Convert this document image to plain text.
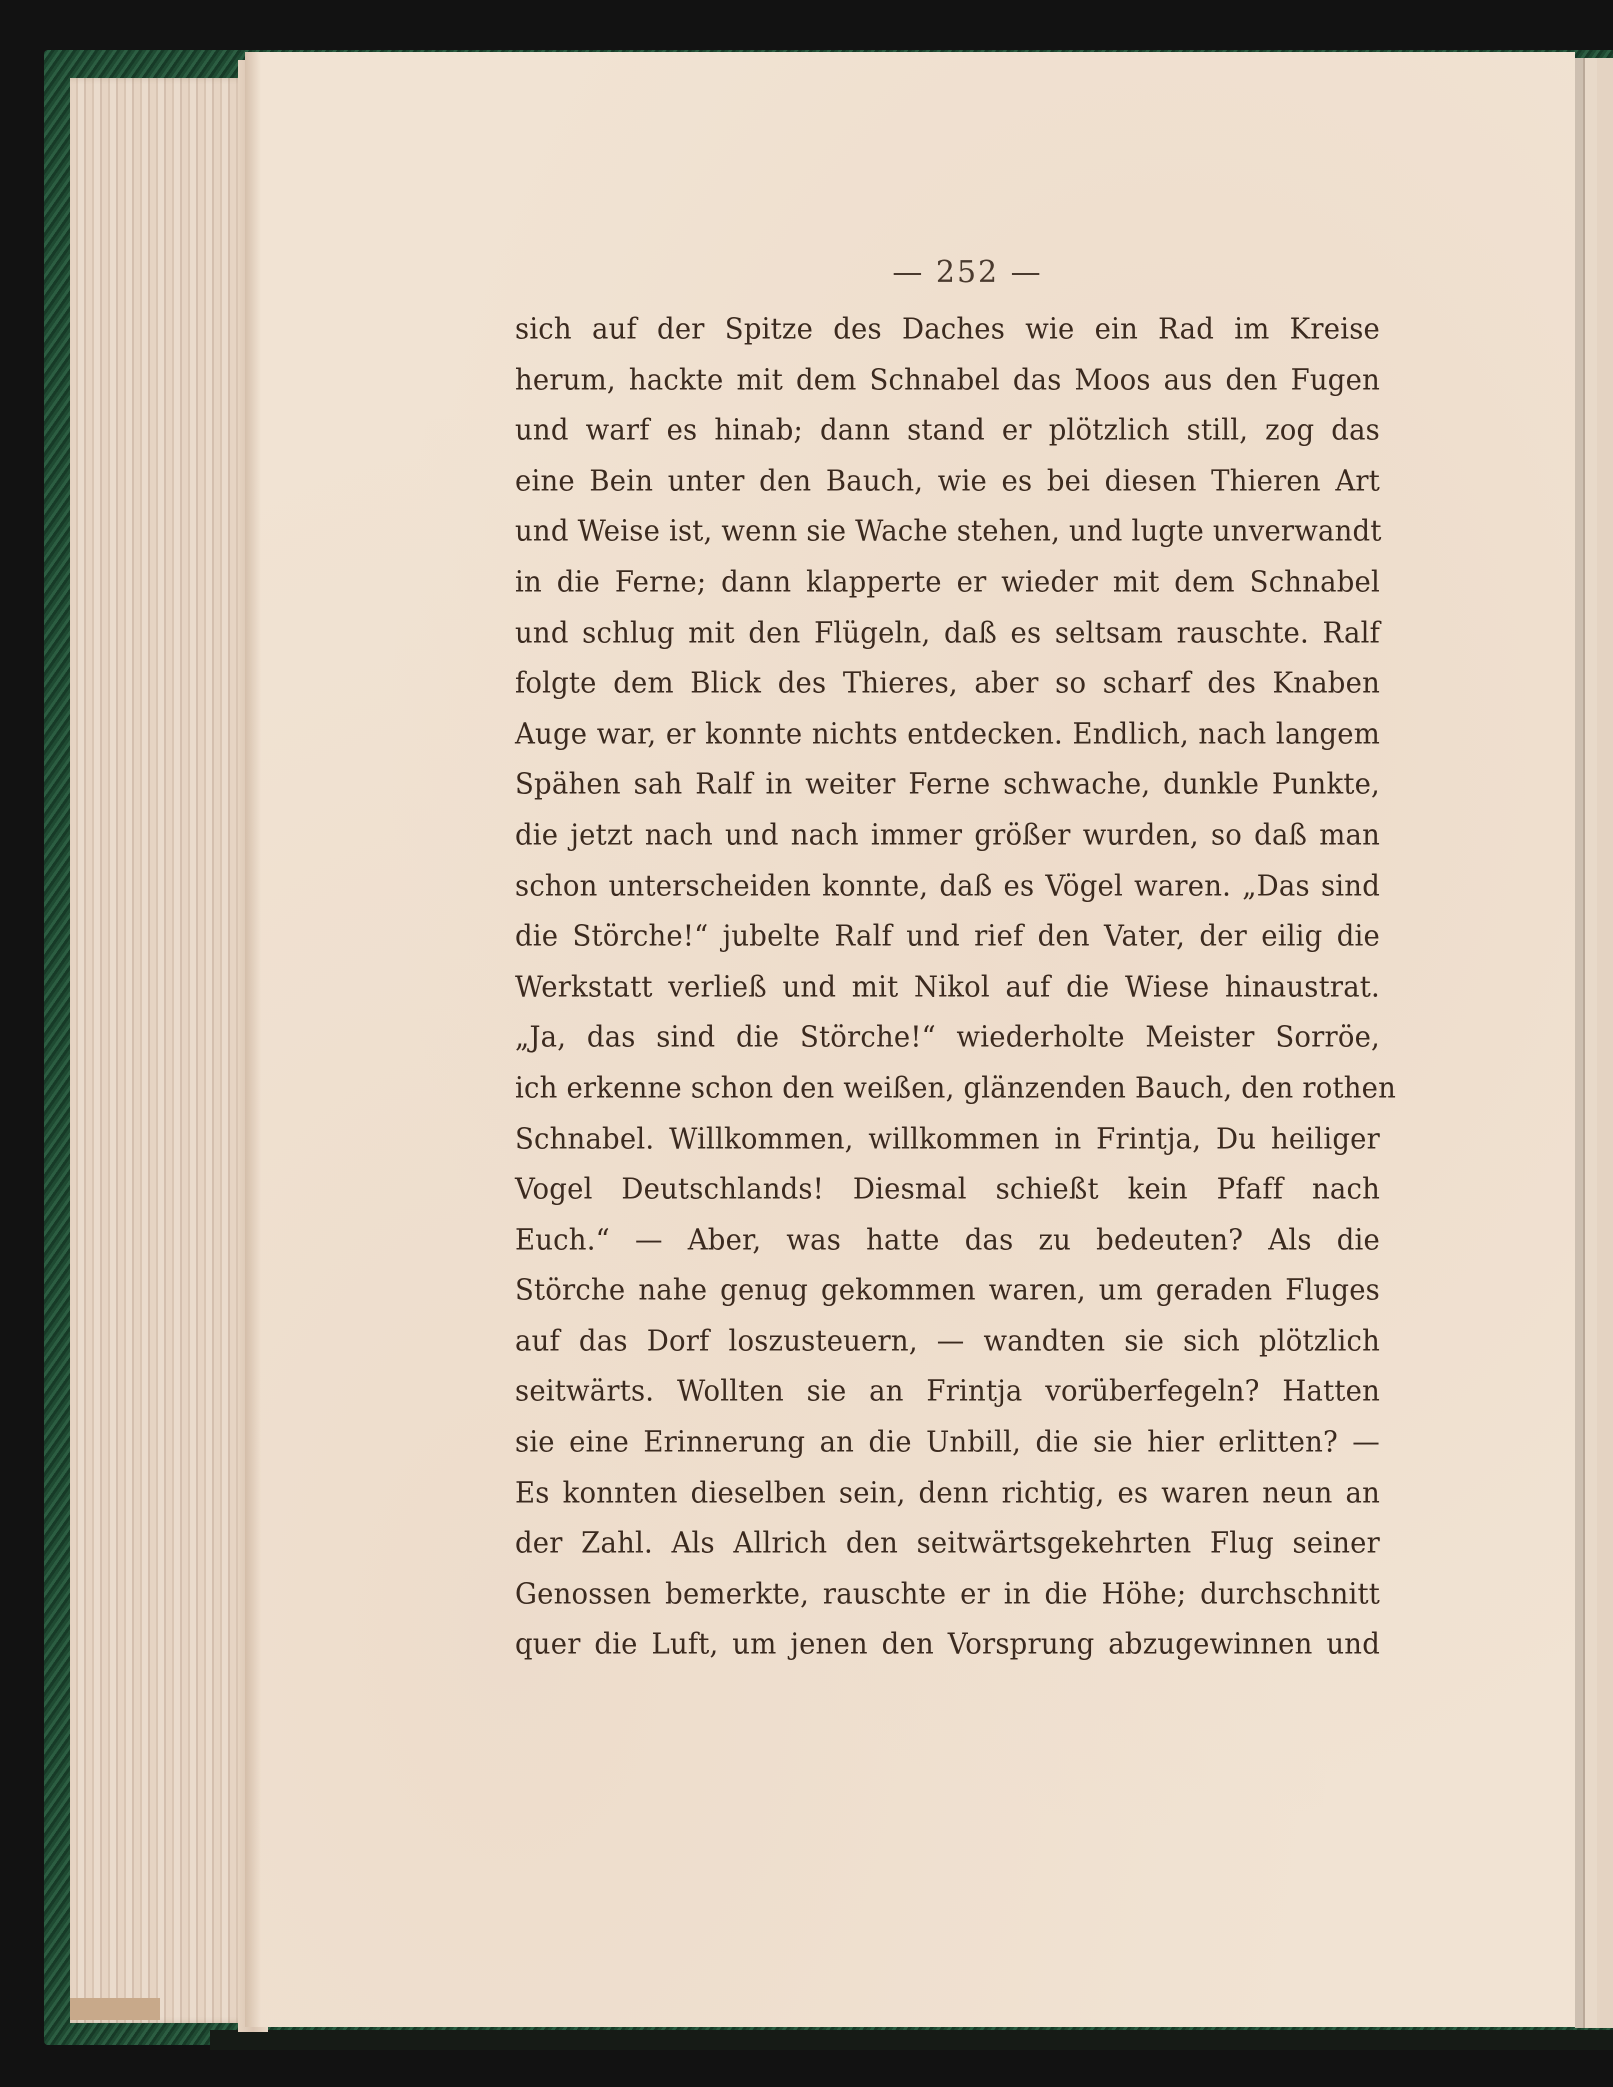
— 252 —
sich auf der Spitze des Daches wie ein Rad im Kreise
herum, hackte mit dem Schnabel das Moos aus den Fugen
und warf es hinab; dann stand er plötzlich still, zog das
eine Bein unter den Bauch, wie es bei diesen Thieren Art
und Weise ist, wenn sie Wache stehen, und lugte unverwandt
in die Ferne; dann klapperte er wieder mit dem Schnabel
und schlug mit den Flügeln, daß es seltsam rauschte. Ralf
folgte dem Blick des Thieres, aber so scharf des Knaben
Auge war, er konnte nichts entdecken. Endlich, nach langem
Spähen sah Ralf in weiter Ferne schwache, dunkle Punkte,
die jetzt nach und nach immer größer wurden, so daß man
schon unterscheiden konnte, daß es Vögel waren. „Das sind
die Störche!“ jubelte Ralf und rief den Vater, der eilig die
Werkstatt verließ und mit Nikol auf die Wiese hinaustrat.
„Ja, das sind die Störche!“ wiederholte Meister Sorröe,
ich erkenne schon den weißen, glänzenden Bauch, den rothen
Schnabel. Willkommen, willkommen in Frintja, Du heiliger
Vogel Deutschlands! Diesmal schießt kein Pfaff nach
Euch.“ — Aber, was hatte das zu bedeuten? Als die
Störche nahe genug gekommen waren, um geraden Fluges
auf das Dorf loszusteuern, — wandten sie sich plötzlich
seitwärts. Wollten sie an Frintja vorüberfegeln? Hatten
sie eine Erinnerung an die Unbill, die sie hier erlitten? —
Es konnten dieselben sein, denn richtig, es waren neun an
der Zahl. Als Allrich den seitwärtsgekehrten Flug seiner
Genossen bemerkte, rauschte er in die Höhe; durchschnitt
quer die Luft, um jenen den Vorsprung abzugewinnen und
